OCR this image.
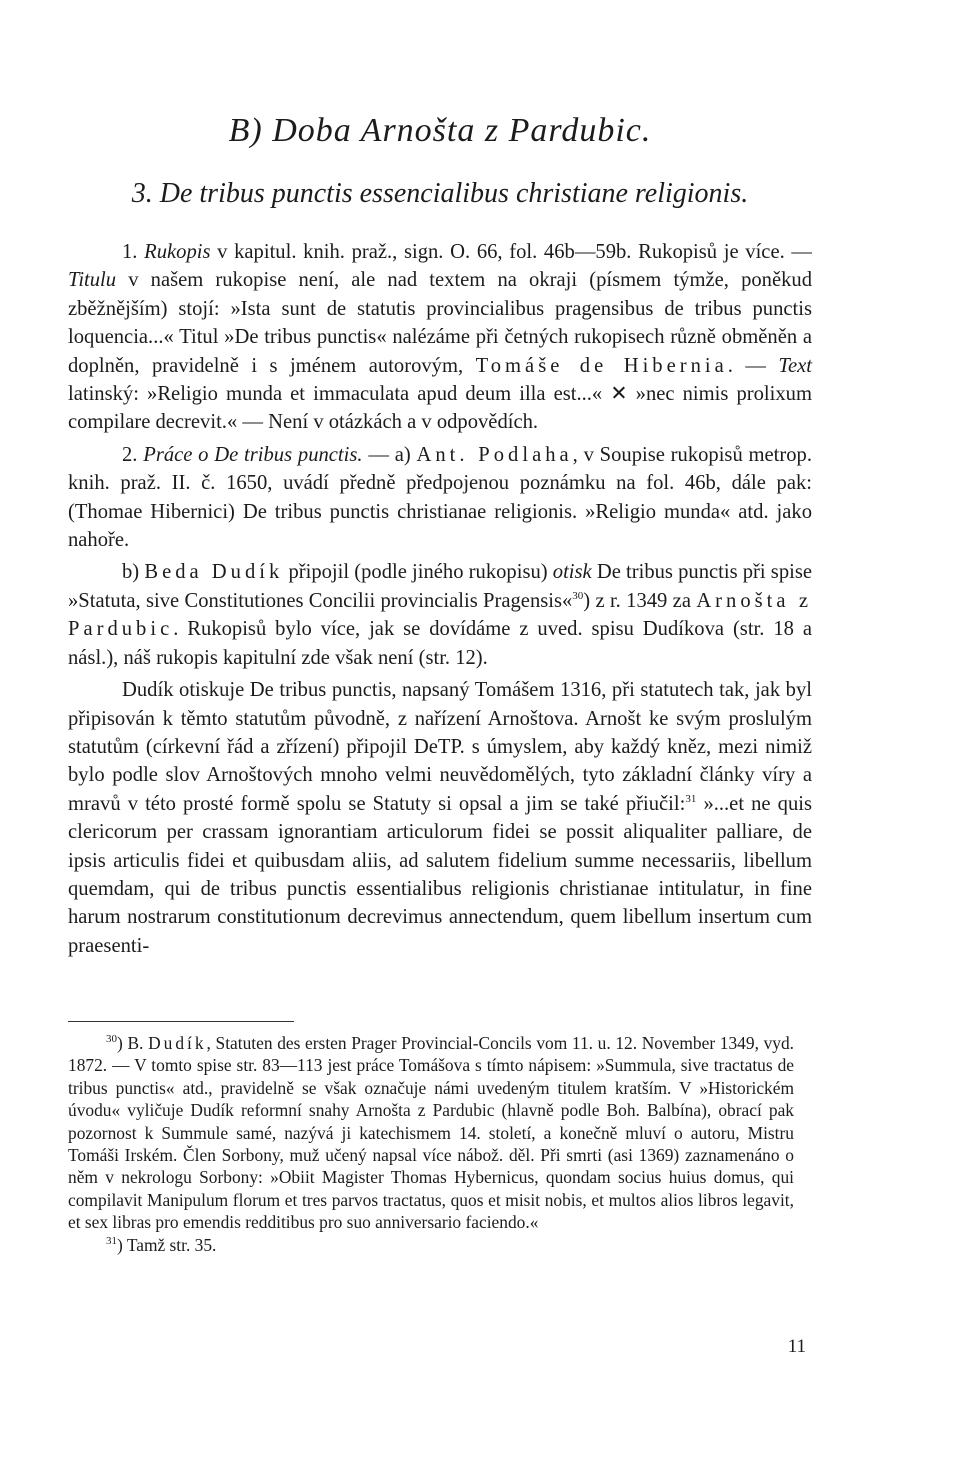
B) Doba Arnošta z Pardubic.
3. De tribus punctis essencialibus christiane religionis.

1. Rukopis v kapitul. knih. praž., sign. O. 66, fol. 46b—59b. Rukopisů je více. — Titulu v našem rukopise není, ale nad textem na okraji (písmem týmže, poněkud zběžnějším) stojí: »Ista sunt de statutis provincialibus pragensibus de tribus punctis loquencia...« Titul »De tribus punctis« nalézáme při četných rukopisech různě obměněn a doplněn, pravidelně i s jménem autorovým, Tomáše de Hibernia. — Text latinský: »Religio munda et immaculata apud deum illa est...« ✕ »nec nimis prolixum compilare decrevit.« — Není v otázkách a v odpovědích.

2. Práce o De tribus punctis. — a) Ant. Podlaha, v Soupise rukopisů metrop. knih. praž. II. č. 1650, uvádí předně předpojenou poznámku na fol. 46b, dále pak: (Thomae Hibernici) De tribus punctis christianae religionis. »Religio munda« atd. jako nahoře.

b) Beda Dudík připojil (podle jiného rukopisu) otisk De tribus punctis při spise »Statuta, sive Constitutiones Concilii provincialis Pragensis«$^{30}$) z r. 1349 za Arnošta z Pardubic. Rukopisů bylo více, jak se dovídáme z uved. spisu Dudíkova (str. 18 a násl.), náš rukopis kapitulní zde však není (str. 12).

Dudík otiskuje De tribus punctis, napsaný Tomášem 1316, při statutech tak, jak byl připisován k těmto statutům původně, z nařízení Arnoštova. Arnošt ke svým proslulým statutům (církevní řád a zřízení) připojil DeTP. s úmyslem, aby každý kněz, mezi nimiž bylo podle slov Arnoštových mnoho velmi neuvědomělých, tyto základní články víry a mravů v této prosté formě spolu se Statuty si opsal a jim se také přiučil:$^{31}$ »...et ne quis clericorum per crassam ignorantiam articulorum fidei se possit aliqualiter palliare, de ipsis articulis fidei et quibusdam aliis, ad salutem fidelium summe necessariis, libellum quemdam, qui de tribus punctis essentialibus religionis christianae intitulatur, in fine harum nostrarum constitutionum decrevimus annectendum, quem libellum insertum cum praesenti-

$^{30}$) B. Dudík, Statuten des ersten Prager Provincial-Concils vom 11. u. 12. November 1349, vyd. 1872. — V tomto spise str. 83—113 jest práce Tomášova s tímto nápisem: »Summula, sive tractatus de tribus punctis« atd., pravidelně se však označuje námi uvedeným titulem kratším. V »Historickém úvodu« vyličuje Dudík reformní snahy Arnošta z Pardubic (hlavně podle Boh. Balbína), obrací pak pozornost k Summule samé, nazývá ji katechismem 14. století, a konečně mluví o autoru, Mistru Tomáši Irském. Člen Sorbony, muž učený napsal více nábož. děl. Při smrti (asi 1369) zaznamenáno o něm v nekrologu Sorbony: »Obiit Magister Thomas Hybernicus, quondam socius huius domus, qui compilavit Manipulum florum et tres parvos tractatus, quos et misit nobis, et multos alios libros legavit, et sex libras pro emendis redditibus pro suo anniversario faciendo.«

$^{31}$) Tamž str. 35.

11
